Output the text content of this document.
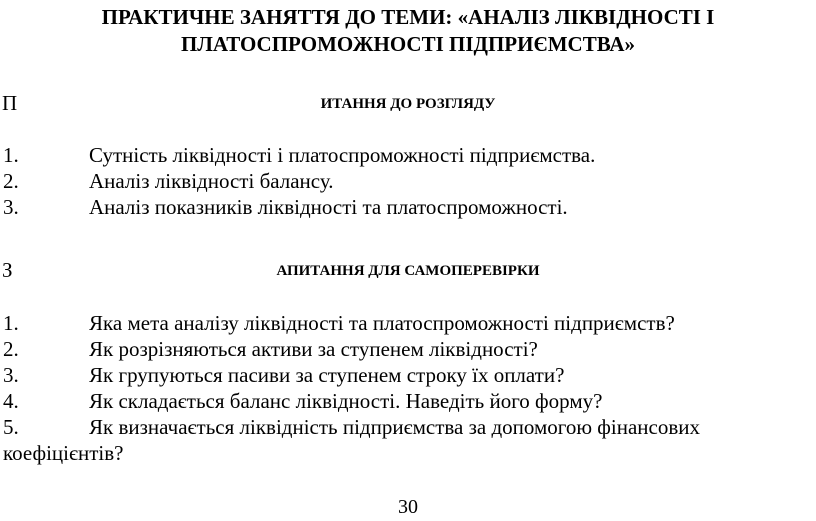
ПРАКТИЧНЕ ЗАНЯТТЯ ДО ТЕМИ: «АНАЛІЗ ЛІКВІДНОСТІ І
ПЛАТОСПРОМОЖНОСТІ ПІДПРИЄМСТВА»
П	ИТАННЯ ДО РОЗГЛЯДУ
1.	Сутність ліквідності і платоспроможності підприємства.
2.	Аналіз ліквідності балансу.
3.	Аналіз показників ліквідності та платоспроможності.
З	АПИТАННЯ ДЛЯ САМОПЕРЕВІРКИ
1.	Яка мета аналізу ліквідності та платоспроможності підприємств?
2.	Як розрізняються активи за ступенем ліквідності?
3.	Як групуються пасиви за ступенем строку їх оплати?
4.	Як складається баланс ліквідності. Наведіть його форму?
5.	Як визначається ліквідність підприємства за допомогою фінансових
коефіцієнтів?
30
